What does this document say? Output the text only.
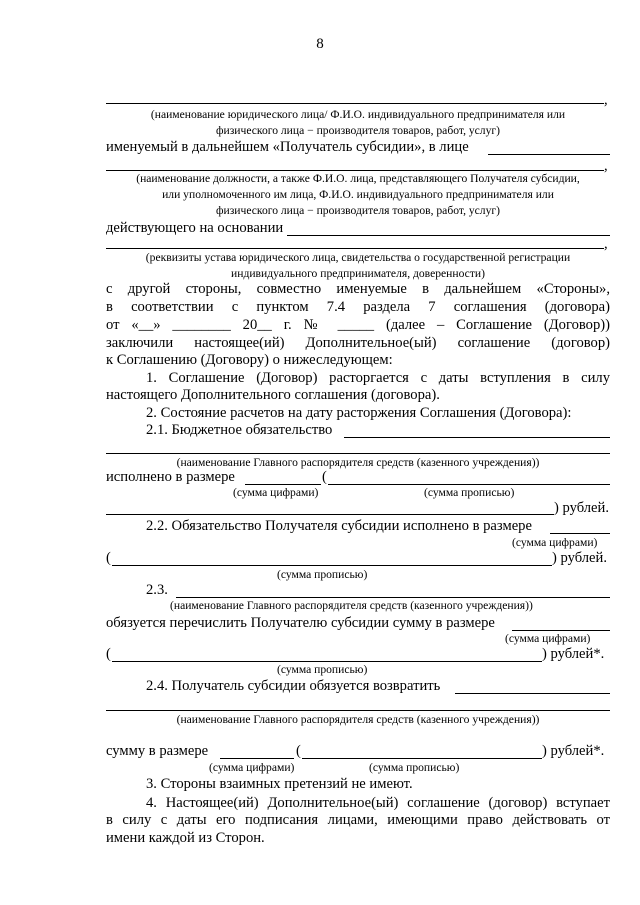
8
,
(наименование юридического лица/ Ф.И.О. индивидуального предпринимателя или
физического лица − производителя товаров, работ, услуг)
именуемый в дальнейшем «Получатель субсидии», в лице
,
(наименование должности, а также Ф.И.О. лица, представляющего Получателя субсидии,
или уполномоченного им лица, Ф.И.О. индивидуального предпринимателя или
физического лица − производителя товаров, работ, услуг)
действующего на основании
,
(реквизиты устава юридического лица, свидетельства о государственной регистрации
индивидуального предпринимателя, доверенности)
с другой стороны, совместно именуемые в дальнейшем «Стороны»,
в соответствии с пунктом 7.4 раздела 7 соглашения (договора)
от «__» ________ 20__ г. № _____ (далее – Соглашение (Договор))
заключили настоящее(ий) Дополнительное(ый) соглашение (договор)
к Соглашению (Договору) о нижеследующем:
1. Соглашение (Договор) расторгается с даты вступления в силу
настоящего Дополнительного соглашения (договора).
2. Состояние расчетов на дату расторжения Соглашения (Договора):
2.1. Бюджетное обязательство
(наименование Главного распорядителя средств (казенного учреждения))
исполнено в размере	(
(сумма цифрами)	(сумма прописью)
) рублей.
2.2. Обязательство Получателя субсидии исполнено в размере
(сумма цифрами)
(	) рублей.
(сумма прописью)
2.3.
(наименование Главного распорядителя средств (казенного учреждения))
обязуется перечислить Получателю субсидии сумму в размере
(сумма цифрами)
(	) рублей*.
(сумма прописью)
2.4. Получатель субсидии обязуется возвратить
(наименование Главного распорядителя средств (казенного учреждения))
сумму в размере	(	) рублей*.
(сумма цифрами)	(сумма прописью)
3. Стороны взаимных претензий не имеют.
4. Настоящее(ий) Дополнительное(ый) соглашение (договор) вступает
в силу с даты его подписания лицами, имеющими право действовать от
имени каждой из Сторон.
